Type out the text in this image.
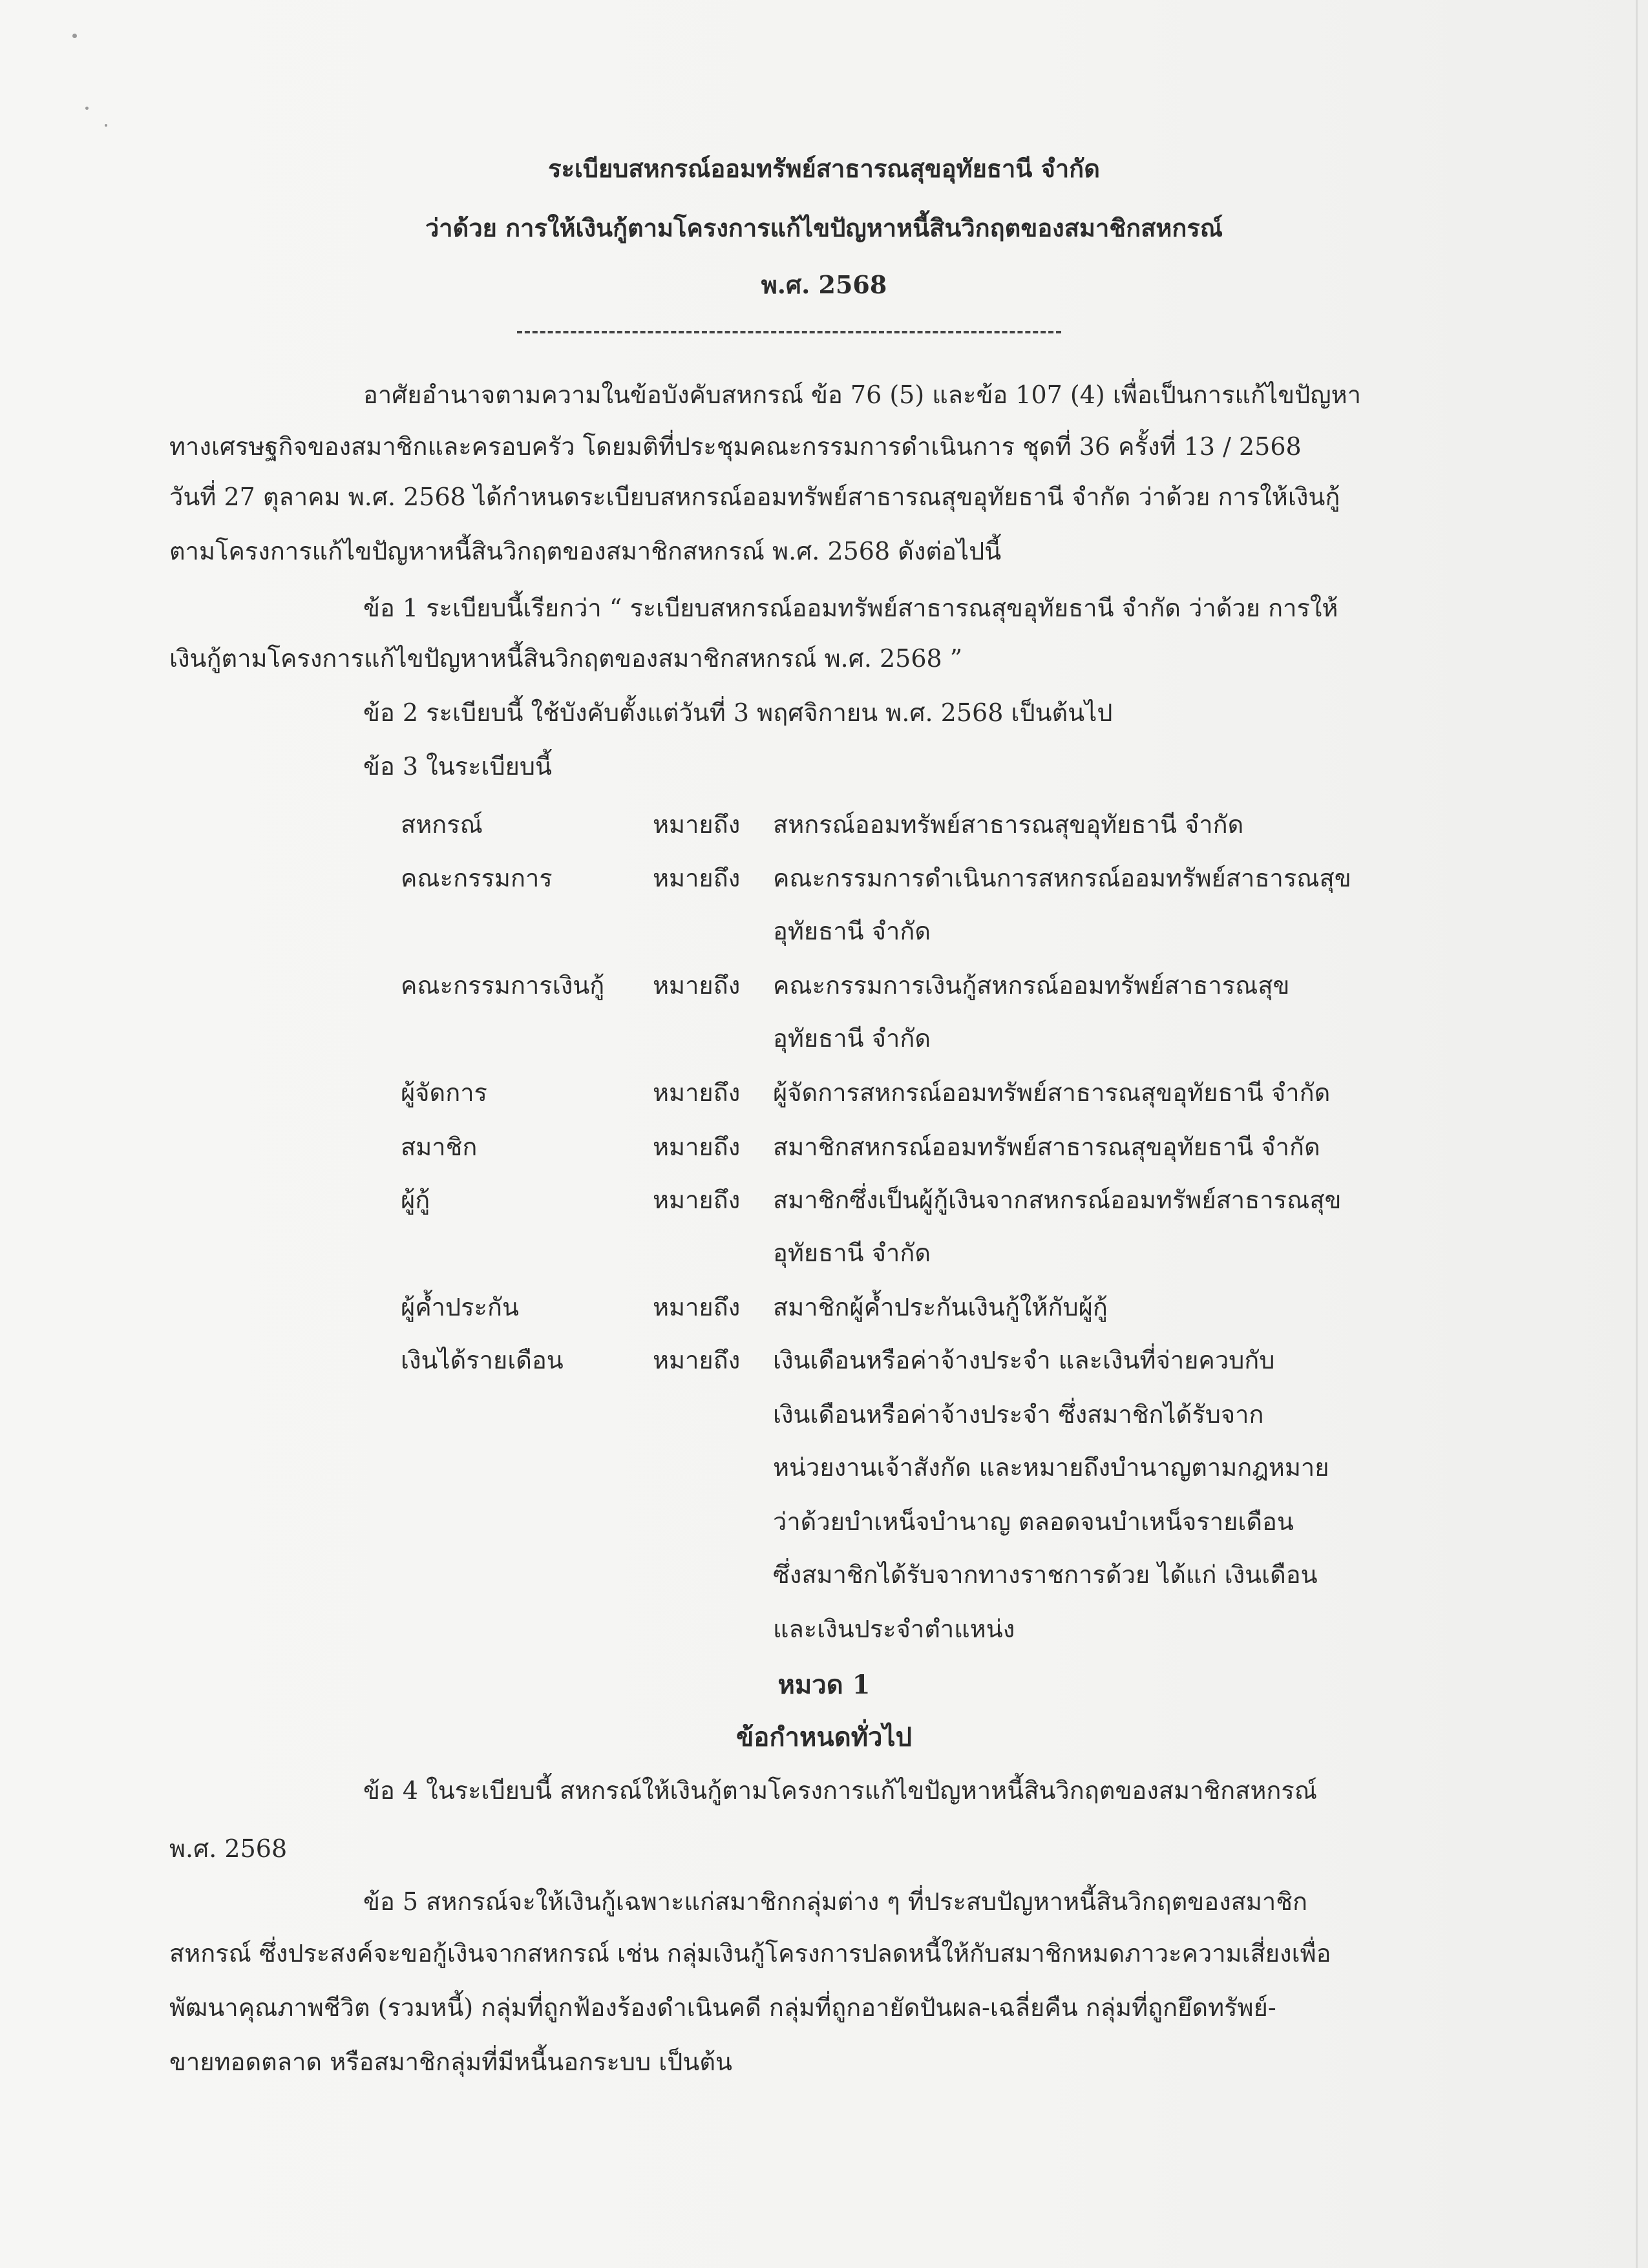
ระเบียบสหกรณ์ออมทรัพย์สาธารณสุขอุทัยธานี จำกัด
ว่าด้วย การให้เงินกู้ตามโครงการแก้ไขปัญหาหนี้สินวิกฤตของสมาชิกสหกรณ์
พ.ศ. 2568
อาศัยอำนาจตามความในข้อบังคับสหกรณ์ ข้อ 76 (5) และข้อ 107 (4) เพื่อเป็นการแก้ไขปัญหา
ทางเศรษฐกิจของสมาชิกและครอบครัว โดยมติที่ประชุมคณะกรรมการดำเนินการ ชุดที่ 36 ครั้งที่ 13 / 2568
วันที่ 27 ตุลาคม พ.ศ. 2568 ได้กำหนดระเบียบสหกรณ์ออมทรัพย์สาธารณสุขอุทัยธานี จำกัด ว่าด้วย การให้เงินกู้
ตามโครงการแก้ไขปัญหาหนี้สินวิกฤตของสมาชิกสหกรณ์ พ.ศ. 2568 ดังต่อไปนี้
ข้อ 1 ระเบียบนี้เรียกว่า “ ระเบียบสหกรณ์ออมทรัพย์สาธารณสุขอุทัยธานี จำกัด ว่าด้วย การให้
เงินกู้ตามโครงการแก้ไขปัญหาหนี้สินวิกฤตของสมาชิกสหกรณ์ พ.ศ. 2568 ”
ข้อ 2 ระเบียบนี้ ใช้บังคับตั้งแต่วันที่ 3 พฤศจิกายน พ.ศ. 2568 เป็นต้นไป
ข้อ 3 ในระเบียบนี้
สหกรณ์	หมายถึง สหกรณ์ออมทรัพย์สาธารณสุขอุทัยธานี จำกัด
คณะกรรมการ	หมายถึง คณะกรรมการดำเนินการสหกรณ์ออมทรัพย์สาธารณสุข
อุทัยธานี จำกัด
คณะกรรมการเงินกู้ หมายถึง คณะกรรมการเงินกู้สหกรณ์ออมทรัพย์สาธารณสุข
อุทัยธานี จำกัด
ผู้จัดการ	หมายถึง ผู้จัดการสหกรณ์ออมทรัพย์สาธารณสุขอุทัยธานี จำกัด
สมาชิก	หมายถึง สมาชิกสหกรณ์ออมทรัพย์สาธารณสุขอุทัยธานี จำกัด
ผู้กู้	หมายถึง สมาชิกซึ่งเป็นผู้กู้เงินจากสหกรณ์ออมทรัพย์สาธารณสุข
อุทัยธานี จำกัด
ผู้ค้ำประกัน	หมายถึง สมาชิกผู้ค้ำประกันเงินกู้ให้กับผู้กู้
เงินได้รายเดือน	หมายถึง เงินเดือนหรือค่าจ้างประจำ และเงินที่จ่ายควบกับ
เงินเดือนหรือค่าจ้างประจำ ซึ่งสมาชิกได้รับจาก
หน่วยงานเจ้าสังกัด และหมายถึงบำนาญตามกฎหมาย
ว่าด้วยบำเหน็จบำนาญ ตลอดจนบำเหน็จรายเดือน
ซึ่งสมาชิกได้รับจากทางราชการด้วย ได้แก่ เงินเดือน
และเงินประจำตำแหน่ง
หมวด 1
ข้อกำหนดทั่วไป
ข้อ 4 ในระเบียบนี้ สหกรณ์ให้เงินกู้ตามโครงการแก้ไขปัญหาหนี้สินวิกฤตของสมาชิกสหกรณ์
พ.ศ. 2568
ข้อ 5 สหกรณ์จะให้เงินกู้เฉพาะแก่สมาชิกกลุ่มต่าง ๆ ที่ประสบปัญหาหนี้สินวิกฤตของสมาชิก
สหกรณ์ ซึ่งประสงค์จะขอกู้เงินจากสหกรณ์ เช่น กลุ่มเงินกู้โครงการปลดหนี้ให้กับสมาชิกหมดภาวะความเสี่ยงเพื่อ
พัฒนาคุณภาพชีวิต (รวมหนี้) กลุ่มที่ถูกฟ้องร้องดำเนินคดี กลุ่มที่ถูกอายัดปันผล-เฉลี่ยคืน กลุ่มที่ถูกยึดทรัพย์-
ขายทอดตลาด หรือสมาชิกลุ่มที่มีหนี้นอกระบบ เป็นต้น
